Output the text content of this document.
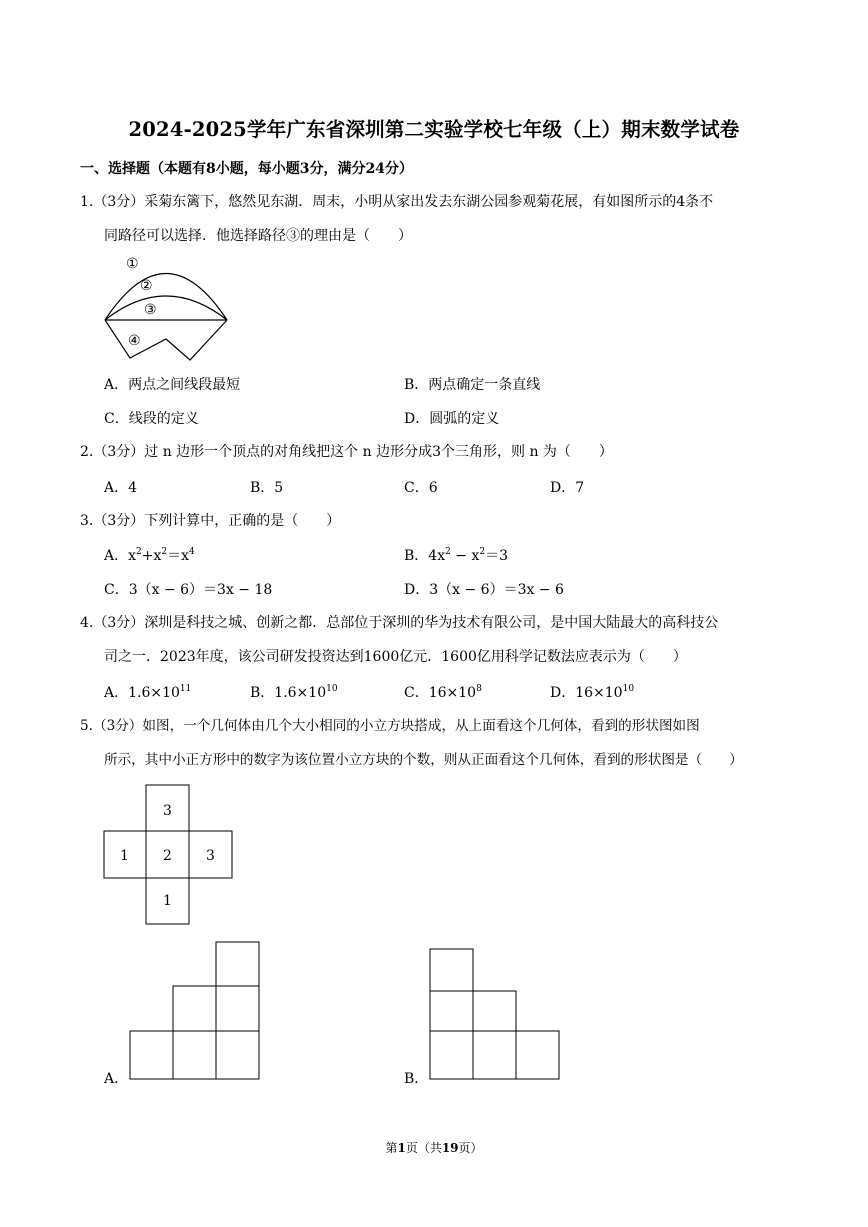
2024-2025学年广东省深圳第二实验学校七年级（上）期末数学试卷
一、选择题（本题有8小题，每小题3分，满分24分）
1.（3分）采菊东篱下，悠然见东湖．周末，小明从家出发去东湖公园参观菊花展，有如图所示的4条不
同路径可以选择．他选择路径③的理由是（　　）
①
②
③
④
A．两点之间线段最短	B．两点确定一条直线
C．线段的定义	D．圆弧的定义
2.（3分）过 n 边形一个顶点的对角线把这个 n 边形分成3个三角形，则 n 为（　　）
A．4	B．5	C．6	D．7
3.（3分）下列计算中，正确的是（　　）
A．$x^2+x^2=x^4$	B．$4x^2 - x^2=3$
C．3（x − 6）＝3x − 18	D．3（x − 6）＝3x − 6
4.（3分）深圳是科技之城、创新之都．总部位于深圳的华为技术有限公司，是中国大陆最大的高科技公
司之一．2023年度，该公司研发投资达到1600亿元．1600亿用科学记数法应表示为（　　）
A．$1.6\times 10^{11}$	B．$1.6\times 10^{10}$	C．$16\times 10^8$	D．$16\times 10^{10}$
5.（3分）如图，一个几何体由几个大小相同的小立方块搭成，从上面看这个几何体，看到的形状图如图
所示，其中小正方形中的数字为该位置小立方块的个数，则从正面看这个几何体，看到的形状图是（　　）
3
1 2 3
1
A．	B．
第1页（共19页）
